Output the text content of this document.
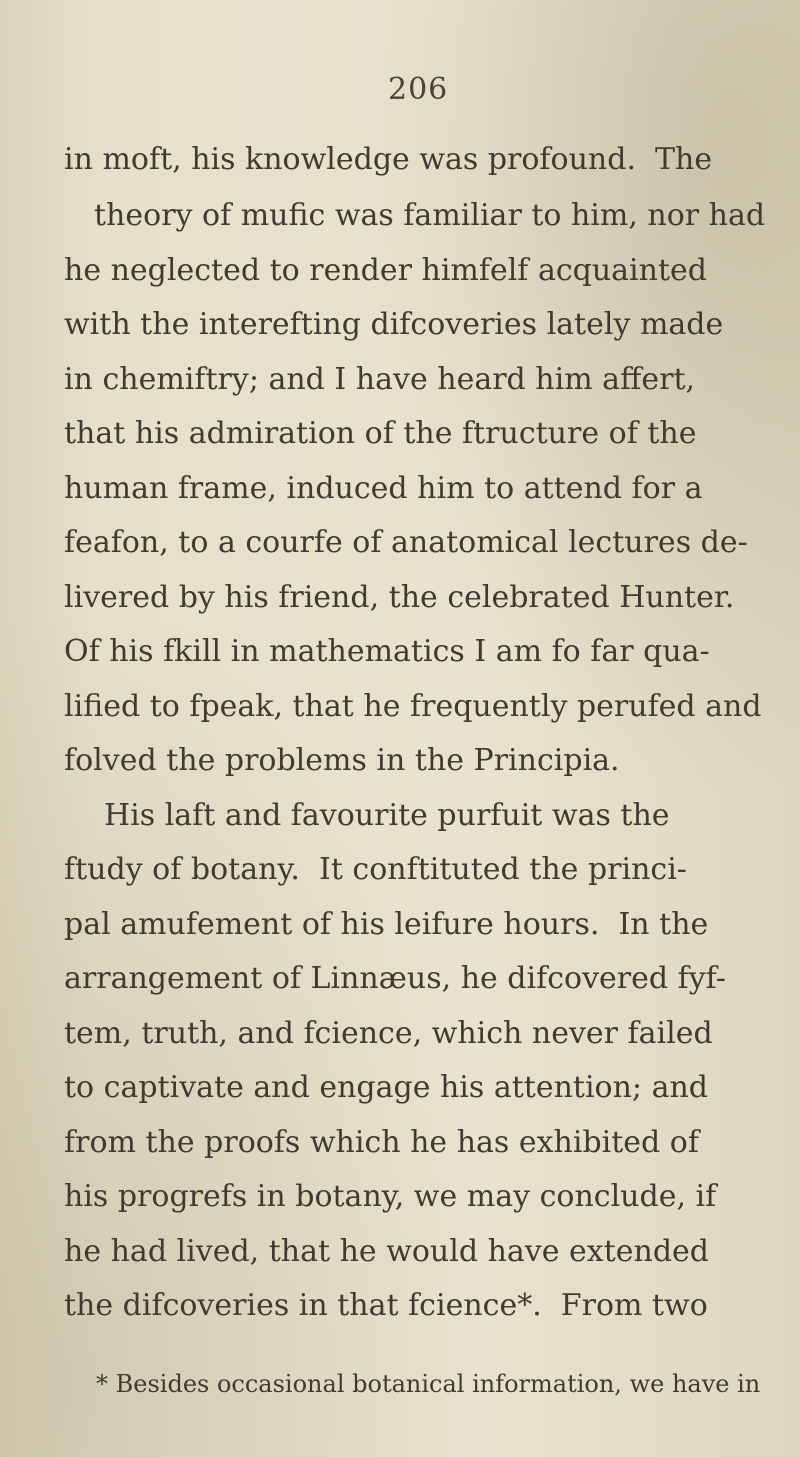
206
in moft, his knowledge was profound.  The
theory of mufic was familiar to him, nor had
he neglected to render himfelf acquainted
with the interefting difcoveries lately made
in chemiftry; and I have heard him affert,
that his admiration of the ftructure of the
human frame, induced him to attend for a
feafon, to a courfe of anatomical lectures de-
livered by his friend, the celebrated Hunter.
Of his fkill in mathematics I am fo far qua-
lified to fpeak, that he frequently perufed and
folved the problems in the Principia.
His laft and favourite purfuit was the
ftudy of botany.  It conftituted the princi-
pal amufement of his leifure hours.  In the
arrangement of Linnæus, he difcovered fyf-
tem, truth, and fcience, which never failed
to captivate and engage his attention; and
from the proofs which he has exhibited of
his progrefs in botany, we may conclude, if
he had lived, that he would have extended
the difcoveries in that fcience*.  From two
* Besides occasional botanical information, we have in
